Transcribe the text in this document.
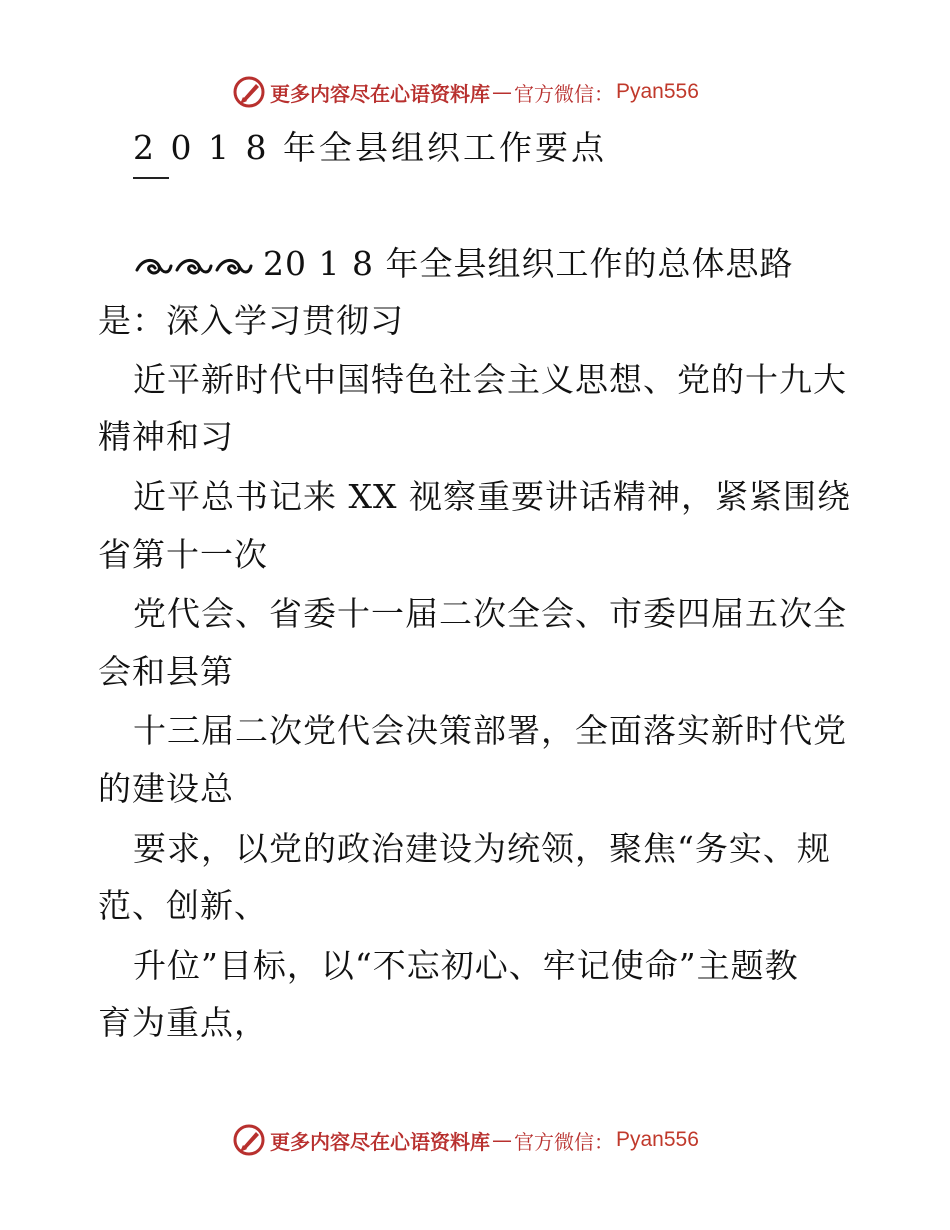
更多内容尽在心语资料库 — 官方微信： Pyan556
2 0 1 8 年全县组织工作要点
20 1 8 年全县组织工作的总体思路
是：深入学习贯彻习
近平新时代中国特色社会主义思想、党的十九大
精神和习
近平总书记来 XX 视察重要讲话精神，紧紧围绕
省第十一次
党代会、省委十一届二次全会、市委四届五次全
会和县第
十三届二次党代会决策部署，全面落实新时代党
的建设总
要求，以党的政治建设为统领，聚焦“务实、规
范、创新、
升位”目标，以“不忘初心、牢记使命”主题教
育为重点，
更多内容尽在心语资料库 — 官方微信： Pyan556
